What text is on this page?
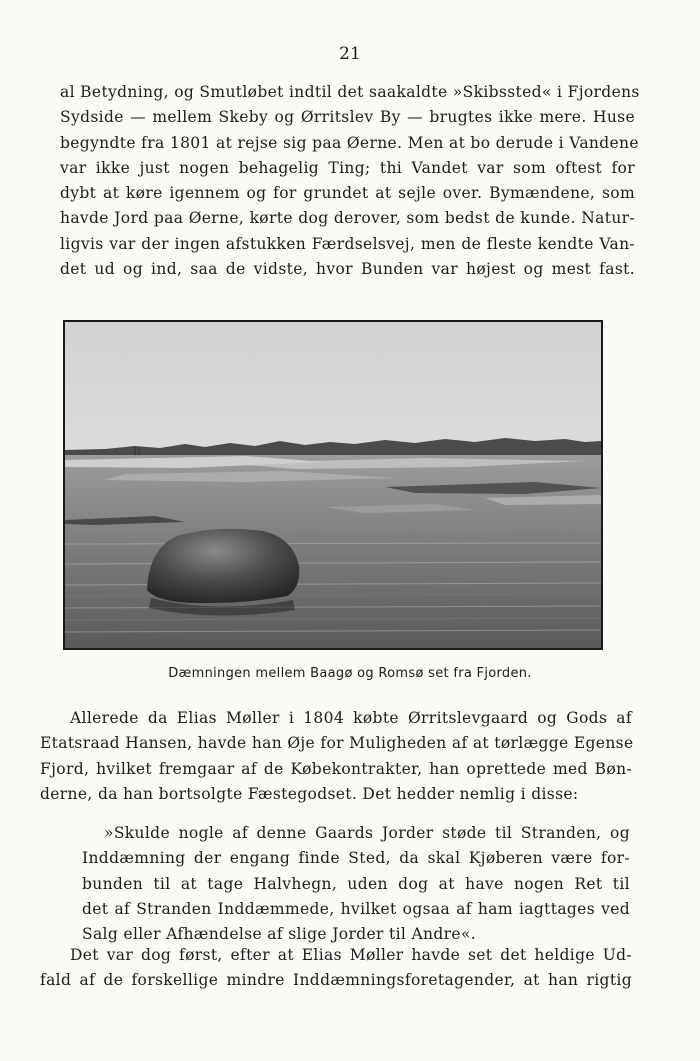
21

al Betydning, og Smutløbet indtil det saakaldte »Skibssted« i Fjordens
Sydside — mellem Skeby og Ørritslev By — brugtes ikke mere. Huse
begyndte fra 1801 at rejse sig paa Øerne. Men at bo derude i Vandene
var ikke just nogen behagelig Ting; thi Vandet var som oftest for
dybt at køre igennem og for grundet at sejle over. Bymændene, som
havde Jord paa Øerne, kørte dog derover, som bedst de kunde. Natur-
ligvis var der ingen afstukken Færdselsvej, men de fleste kendte Van-
det ud og ind, saa de vidste, hvor Bunden var højest og mest fast.

Dæmningen mellem Baagø og Romsø set fra Fjorden.

Allerede da Elias Møller i 1804 købte Ørritslevgaard og Gods af
Etatsraad Hansen, havde han Øje for Muligheden af at tørlægge Egense
Fjord, hvilket fremgaar af de Købekontrakter, han oprettede med Bøn-
derne, da han bortsolgte Fæstegodset. Det hedder nemlig i disse:

»Skulde nogle af denne Gaards Jorder støde til Stranden, og
Inddæmning der engang finde Sted, da skal Kjøberen være for-
bunden til at tage Halvhegn, uden dog at have nogen Ret til
det af Stranden Inddæmmede, hvilket ogsaa af ham iagttages ved
Salg eller Afhændelse af slige Jorder til Andre«.

Det var dog først, efter at Elias Møller havde set det heldige Ud-
fald af de forskellige mindre Inddæmningsforetagender, at han rigtig
